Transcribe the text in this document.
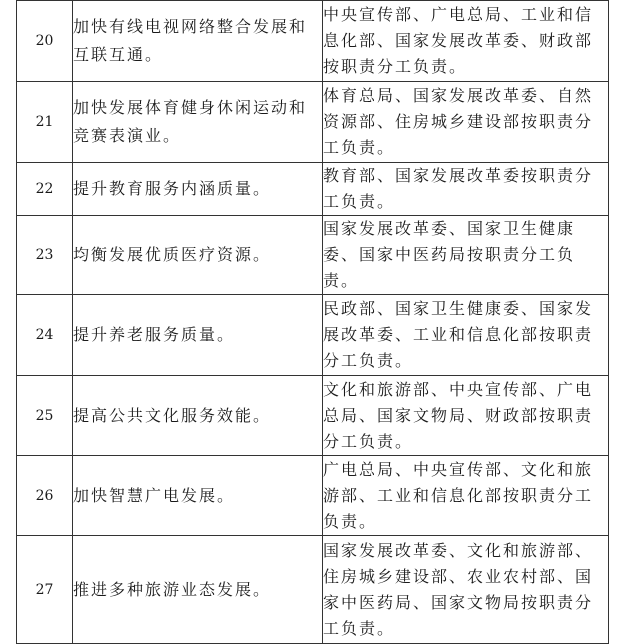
20	加快有线电视网络整合发展和互联互通。	中央宣传部、广电总局、工业和信息化部、国家发展改革委、财政部按职责分工负责。

21	加快发展体育健身休闲运动和竞赛表演业。	体育总局、国家发展改革委、自然资源部、住房城乡建设部按职责分工负责。

22	提升教育服务内涵质量。	教育部、国家发展改革委按职责分工负责。

23	均衡发展优质医疗资源。	国家发展改革委、国家卫生健康委、国家中医药局按职责分工负责。

24	提升养老服务质量。	民政部、国家卫生健康委、国家发展改革委、工业和信息化部按职责分工负责。

25	提高公共文化服务效能。	文化和旅游部、中央宣传部、广电总局、国家文物局、财政部按职责分工负责。

26	加快智慧广电发展。	广电总局、中央宣传部、文化和旅游部、工业和信息化部按职责分工负责。

27	推进多种旅游业态发展。	国家发展改革委、文化和旅游部、住房城乡建设部、农业农村部、国家中医药局、国家文物局按职责分工负责。
